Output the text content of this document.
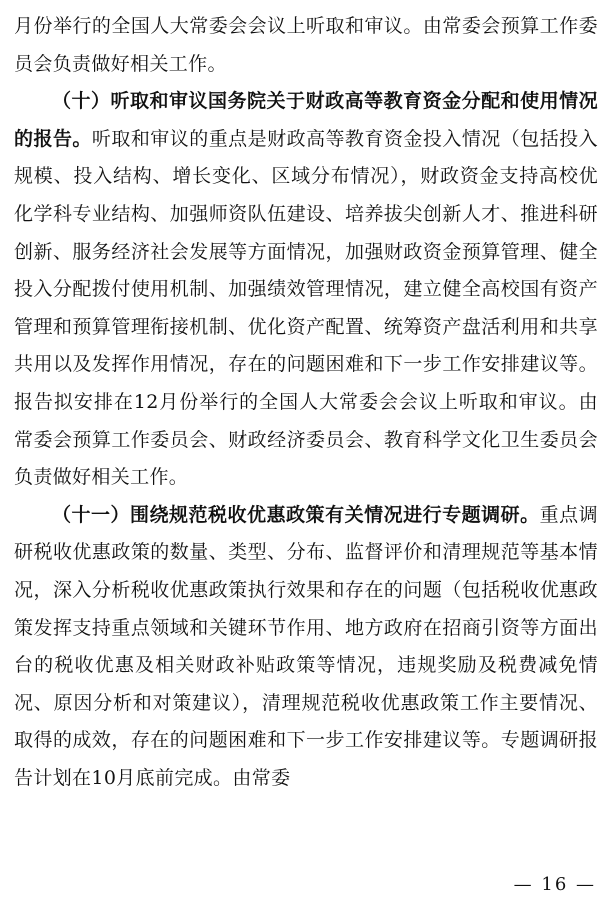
月份举行的全国人大常委会会议上听取和审议。由常委会预算工作委员会负责做好相关工作。

（十）听取和审议国务院关于财政高等教育资金分配和使用情况的报告。听取和审议的重点是财政高等教育资金投入情况（包括投入规模、投入结构、增长变化、区域分布情况），财政资金支持高校优化学科专业结构、加强师资队伍建设、培养拔尖创新人才、推进科研创新、服务经济社会发展等方面情况，加强财政资金预算管理、健全投入分配拨付使用机制、加强绩效管理情况，建立健全高校国有资产管理和预算管理衔接机制、优化资产配置、统筹资产盘活利用和共享共用以及发挥作用情况，存在的问题困难和下一步工作安排建议等。报告拟安排在12月份举行的全国人大常委会会议上听取和审议。由常委会预算工作委员会、财政经济委员会、教育科学文化卫生委员会负责做好相关工作。

（十一）围绕规范税收优惠政策有关情况进行专题调研。重点调研税收优惠政策的数量、类型、分布、监督评价和清理规范等基本情况，深入分析税收优惠政策执行效果和存在的问题（包括税收优惠政策发挥支持重点领域和关键环节作用、地方政府在招商引资等方面出台的税收优惠及相关财政补贴政策等情况，违规奖励及税费减免情况、原因分析和对策建议），清理规范税收优惠政策工作主要情况、取得的成效，存在的问题困难和下一步工作安排建议等。专题调研报告计划在10月底前完成。由常委

— 16 —
